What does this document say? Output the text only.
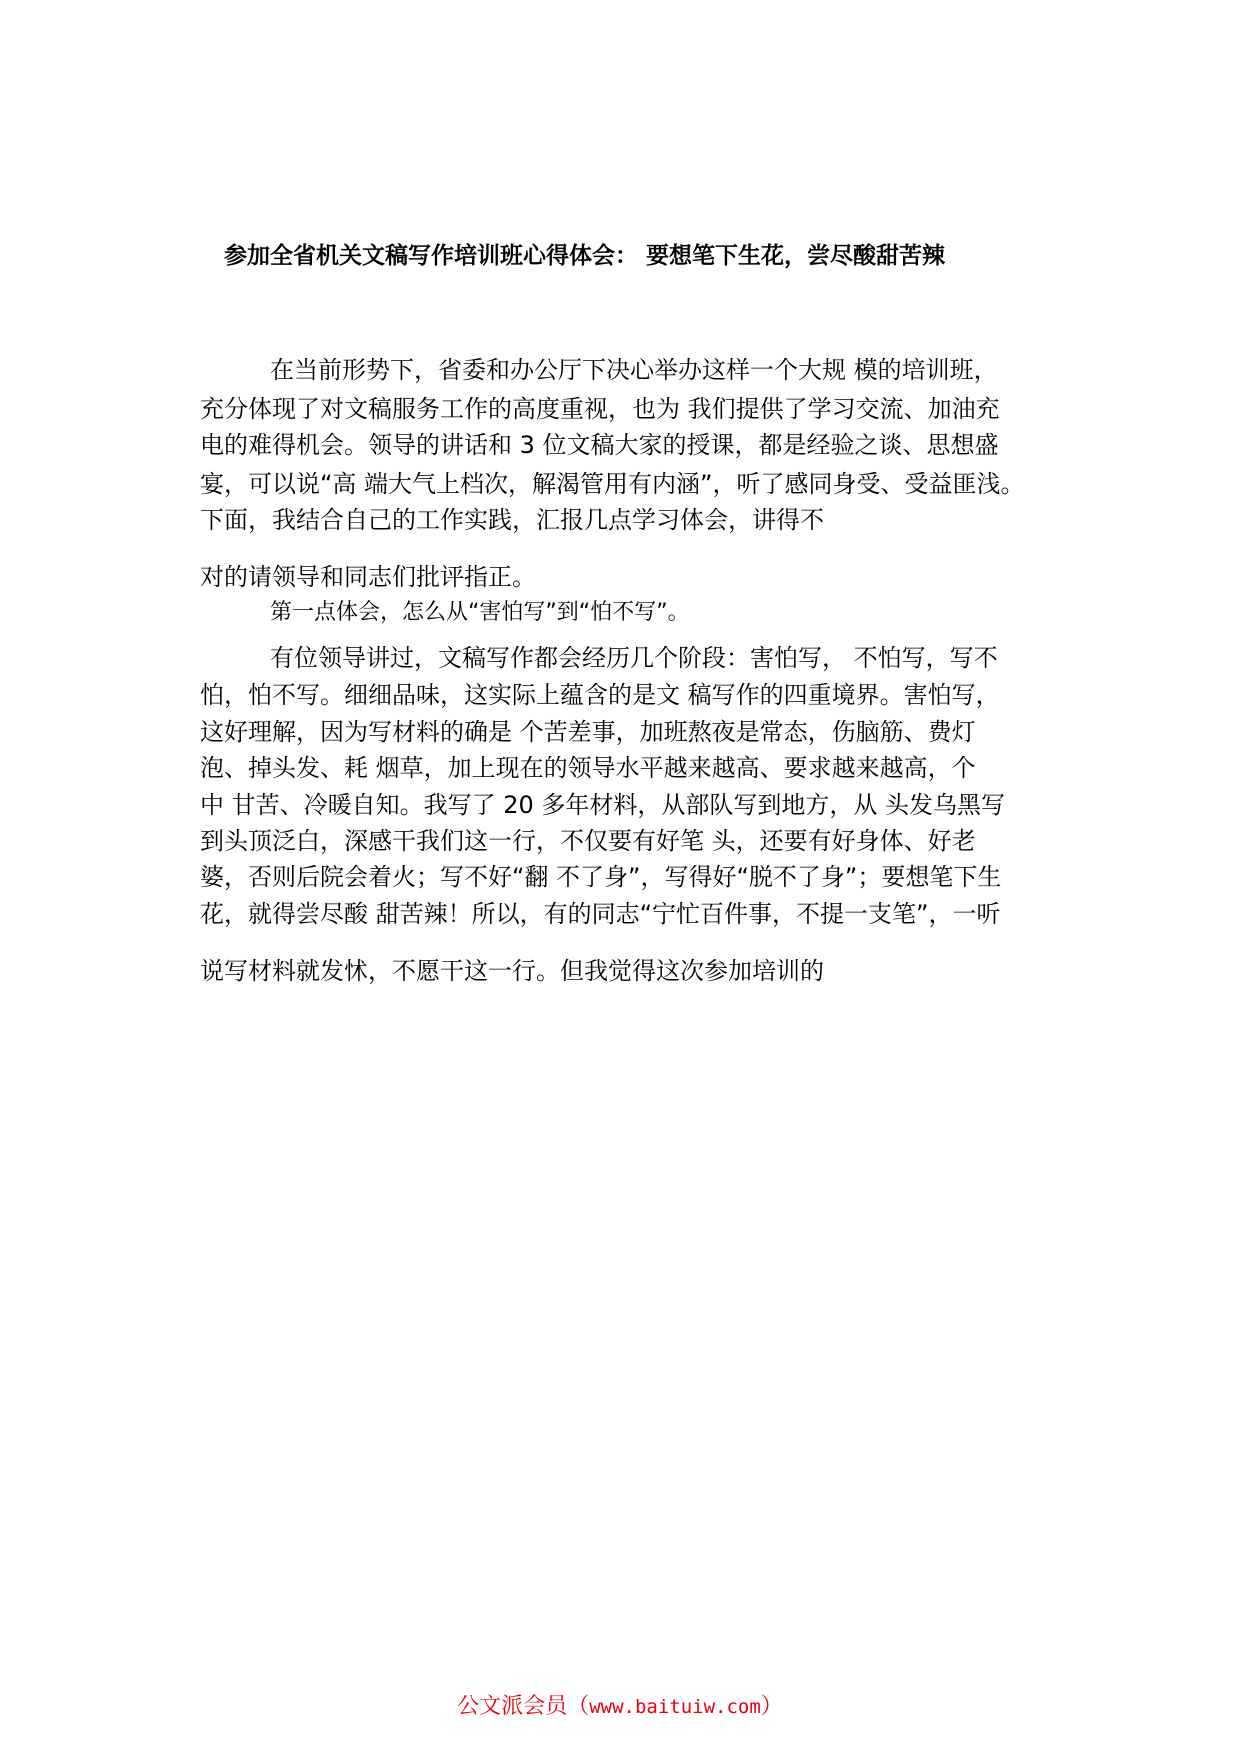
参加全省机关文稿写作培训班心得体会： 要想笔下生花，尝尽酸甜苦辣
在当前形势下，省委和办公厅下决心举办这样一个大规 模的培训班，
充分体现了对文稿服务工作的高度重视，也为 我们提供了学习交流、加油充
电的难得机会。领导的讲话和 3 位文稿大家的授课，都是经验之谈、思想盛
宴，可以说“高 端大气上档次，解渴管用有内涵”，听了感同身受、受益匪浅。
下面，我结合自己的工作实践，汇报几点学习体会，讲得不
对的请领导和同志们批评指正。
第一点体会，怎么从“害怕写”到“怕不写”。
有位领导讲过，文稿写作都会经历几个阶段：害怕写， 不怕写，写不
怕，怕不写。细细品味，这实际上蕴含的是文 稿写作的四重境界。害怕写，
这好理解，因为写材料的确是 个苦差事，加班熬夜是常态，伤脑筋、费灯
泡、掉头发、耗 烟草，加上现在的领导水平越来越高、要求越来越高，个
中 甘苦、冷暖自知。我写了 20 多年材料，从部队写到地方，从 头发乌黑写
到头顶泛白，深感干我们这一行，不仅要有好笔 头，还要有好身体、好老
婆，否则后院会着火；写不好“翻 不了身”，写得好“脱不了身”；要想笔下生
花，就得尝尽酸 甜苦辣！所以，有的同志“宁忙百件事，不提一支笔”，一听
说写材料就发怵，不愿干这一行。但我觉得这次参加培训的
公文派会员（www.baituiw.com）
